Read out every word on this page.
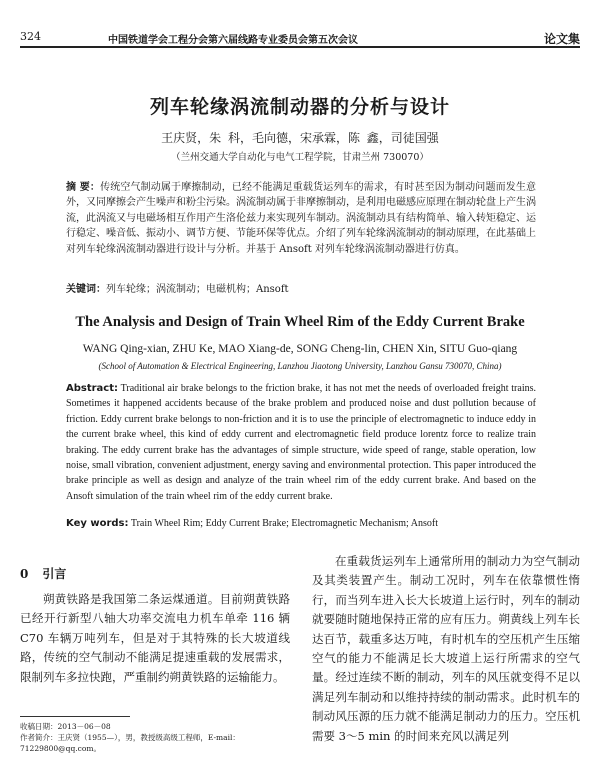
324	中国铁道学会工程分会第六届线路专业委员会第五次会议	论文集
列车轮缘涡流制动器的分析与设计
王庆贤，朱 科，毛向德，宋承霖，陈 鑫，司徒国强
（兰州交通大学自动化与电气工程学院，甘肃兰州 730070）
摘 要：传统空气制动属于摩擦制动，已经不能满足重载货运列车的需求，有时甚至因为制动问题而发生意外，又同摩擦会产生噪声和粉尘污染。涡流制动属于非摩擦制动，是利用电磁感应原理在制动轮盘上产生涡流，此涡流又与电磁场相互作用产生洛伦兹力来实现列车制动。涡流制动具有结构简单、输入转矩稳定、运行稳定、噪音低、振动小、调节方便、节能环保等优点。介绍了列车轮缘涡流制动的制动原理，在此基础上对列车轮缘涡流制动器进行设计与分析。并基于 Ansoft 对列车轮缘涡流制动器进行仿真。
关键词：列车轮缘；涡流制动；电磁机构；Ansoft
The Analysis and Design of Train Wheel Rim of the Eddy Current Brake
WANG Qing-xian, ZHU Ke, MAO Xiang-de, SONG Cheng-lin, CHEN Xin, SITU Guo-qiang
(School of Automation & Electrical Engineering, Lanzhou Jiaotong University, Lanzhou Gansu 730070, China)
Abstract: Traditional air brake belongs to the friction brake, it has not met the needs of overloaded freight trains. Sometimes it happened accidents because of the brake problem and produced noise and dust pollution because of friction. Eddy current brake belongs to non-friction and it is to use the principle of electromagnetic to induce eddy in the current brake wheel, this kind of eddy current and electromagnetic field produce lorentz force to realize train braking. The eddy current brake has the advantages of simple structure, wide speed of range, stable operation, low noise, small vibration, convenient adjustment, energy saving and environmental protection. This paper introduced the brake principle as well as design and analyze of the train wheel rim of the eddy current brake. And based on the Ansoft simulation of the train wheel rim of the eddy current brake.
Key words: Train Wheel Rim; Eddy Current Brake; Electromagnetic Mechanism; Ansoft
0 引言

朔黄铁路是我国第二条运煤通道。目前朔黄铁路已经开行新型八轴大功率交流电力机车单牵 116 辆 C70 车辆万吨列车，但是对于其特殊的长大坡道线路，传统的空气制动不能满足提速重载的发展需求，限制列车多拉快跑，严重制约朔黄铁路的运输能力。

在重载货运列车上通常所用的制动力为空气制动及其类装置产生。制动工况时，列车在依靠惯性惰行，而当列车进入长大长坡道上运行时，列车的制动就要随时随地保持正常的应有压力。朔黄线上列车长达百节，载重多达万吨，有时机车的空压机产生压缩空气的能力不能满足长大坡道上运行所需求的空气量。经过连续不断的制动，列车的风压就变得不足以满足列车制动和以维持持续的制动需求。此时机车的制动风压源的压力就不能满足制动力的压力。空压机需要 3～5 min 的时间来充风以满足列

收稿日期：2013－06－08
作者简介：王庆贤（1955—），男，教授级高级工程师，E-mail：71229800@qq.com。
